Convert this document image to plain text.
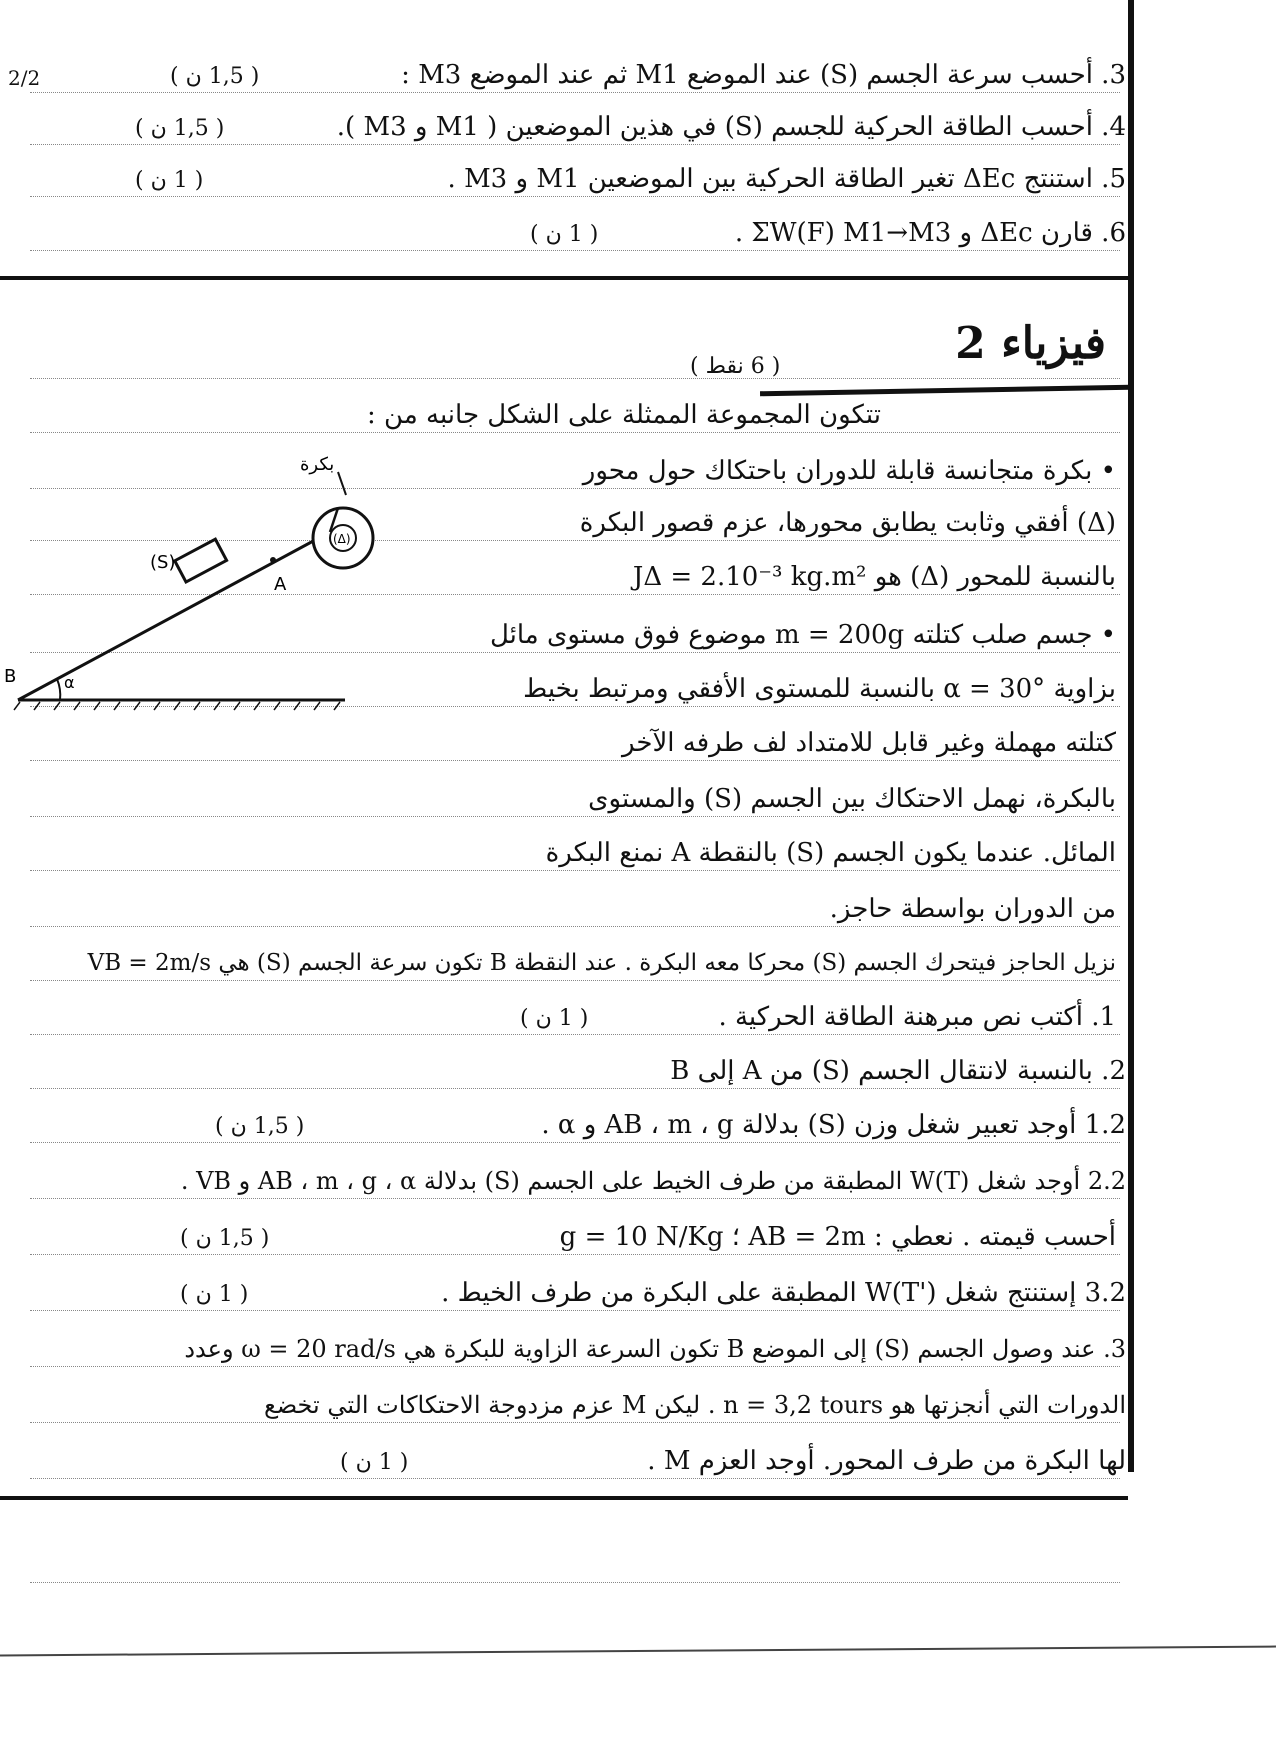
2/2	3. أحسب سرعة الجسم (S) عند الموضع M1 ثم عند الموضع M3 :
( 1,5 ن )
4. أحسب الطاقة الحركية للجسم (S) في هذين الموضعين ( M1 و M3 ).
( 1,5 ن )
5. استنتج ΔEc تغير الطاقة الحركية بين الموضعين M1 و M3 .
( 1 ن )
6. قارن ΔEc و ΣW(F) M1→M3 .
( 1 ن )
فيزياء 2
( 6 نقط )
تتكون المجموعة الممثلة على الشكل جانبه من :
• بكرة متجانسة قابلة للدوران باحتكاك حول محور
(Δ) أفقي وثابت يطابق محورها، عزم قصور البكرة
بالنسبة للمحور (Δ) هو JΔ = 2.10⁻³ kg.m²
• جسم صلب كتلته m = 200g موضوع فوق مستوى مائل
بزاوية α = 30° بالنسبة للمستوى الأفقي ومرتبط بخيط
كتلته مهملة وغير قابل للامتداد لف طرفه الآخر
بالبكرة، نهمل الاحتكاك بين الجسم (S) والمستوى
المائل. عندما يكون الجسم (S) بالنقطة A نمنع البكرة
من الدوران بواسطة حاجز.
α
B
(S)
A
(Δ)
بكرة
نزيل الحاجز فيتحرك الجسم (S) محركا معه البكرة . عند النقطة B تكون سرعة الجسم (S) هي VB = 2m/s
1. أكتب نص مبرهنة الطاقة الحركية .
( 1 ن )
2. بالنسبة لانتقال الجسم (S) من A إلى B
1.2 أوجد تعبير شغل وزن (S) بدلالة AB ، m ، g و α .
( 1,5 ن )
2.2 أوجد شغل W(T) المطبقة من طرف الخيط على الجسم (S) بدلالة AB ، m ، g ، α و VB .
أحسب قيمته . نعطي : AB = 2m ؛ g = 10 N/Kg
( 1,5 ن )
3.2 إستنتج شغل W(T') المطبقة على البكرة من طرف الخيط .
( 1 ن )
3. عند وصول الجسم (S) إلى الموضع B تكون السرعة الزاوية للبكرة هي ω = 20 rad/s وعدد
الدورات التي أنجزتها هو n = 3,2 tours . ليكن M عزم مزدوجة الاحتكاكات التي تخضع
لها البكرة من طرف المحور. أوجد العزم M .
( 1 ن )
